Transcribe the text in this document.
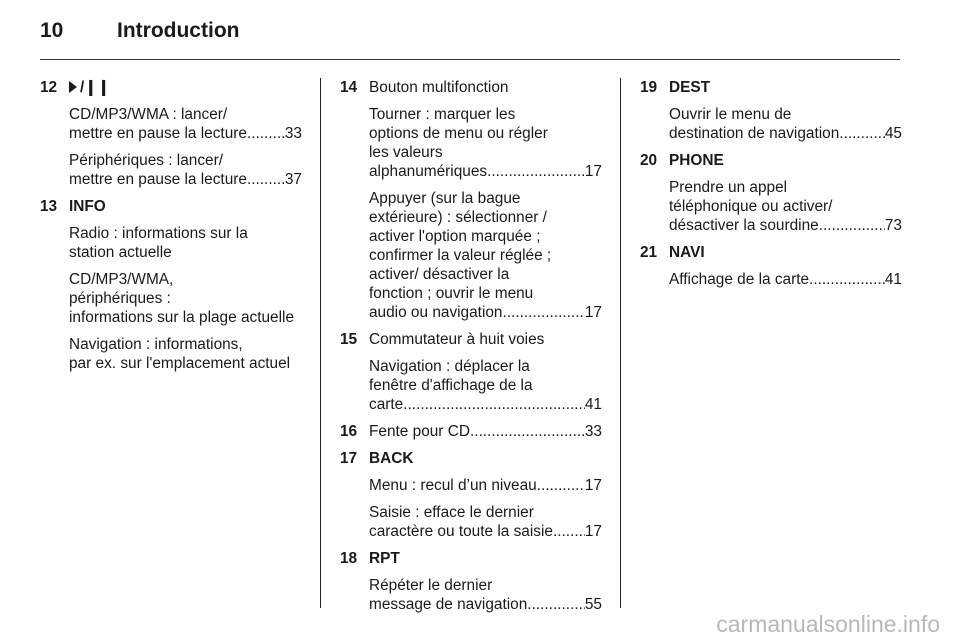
10	Introduction
12	/❙❙
CD/MP3/WMA : lancer/
mettre en pause la lecture ..... 33
Périphériques : lancer/
mettre en pause la lecture ..... 37
13 INFO
Radio : informations sur la
station actuelle
CD/MP3/WMA,
périphériques :
informations sur la plage actuelle
Navigation : informations,
par ex. sur l'emplacement actuel
14 Bouton multifonction
Tourner : marquer les
options de menu ou régler
les valeurs
alphanumériques .....	17
Appuyer (sur la bague
extérieure) : sélectionner /
activer l'option marquée ;
confirmer la valeur réglée ;
activer/ désactiver la
fonction ; ouvrir le menu
audio ou navigation .....	17
15 Commutateur à huit voies
Navigation : déplacer la
fenêtre d'affichage de la
carte .....	41
16 Fente pour CD .....	33
17 BACK
Menu : recul d’un niveau .....	17
Saisie : efface le dernier
caractère ou toute la saisie ..... 17
18 RPT
Répéter le dernier
message de navigation .....	55
19 DEST
Ouvrir le menu de
destination de navigation .....	45
20 PHONE
Prendre un appel
téléphonique ou activer/
désactiver la sourdine .....	73
21 NAVI
Affichage de la carte .....	41
carmanualsonline.info
